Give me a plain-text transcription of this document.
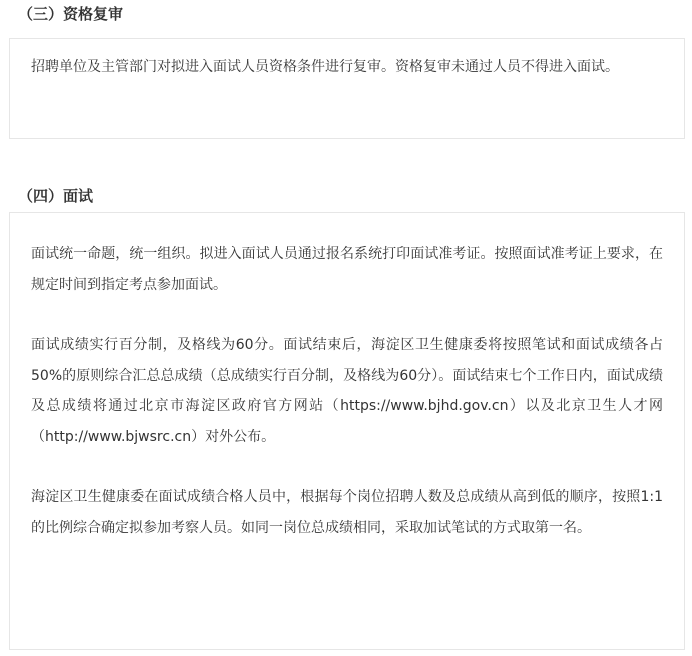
（三）资格复审

招聘单位及主管部门对拟进入面试人员资格条件进行复审。资格复审未通过人员不得进入面试。

（四）面试

面试统一命题，统一组织。拟进入面试人员通过报名系统打印面试准考证。按照面试准考证上要求，在规定时间到指定考点参加面试。

面试成绩实行百分制，及格线为60分。面试结束后，海淀区卫生健康委将按照笔试和面试成绩各占50%的原则综合汇总总成绩（总成绩实行百分制，及格线为60分）。面试结束七个工作日内，面试成绩及总成绩将通过北京市海淀区政府官方网站（https://www.bjhd.gov.cn）以及北京卫生人才网（http://www.bjwsrc.cn）对外公布。

海淀区卫生健康委在面试成绩合格人员中，根据每个岗位招聘人数及总成绩从高到低的顺序，按照1:1的比例综合确定拟参加考察人员。如同一岗位总成绩相同，采取加试笔试的方式取第一名。
